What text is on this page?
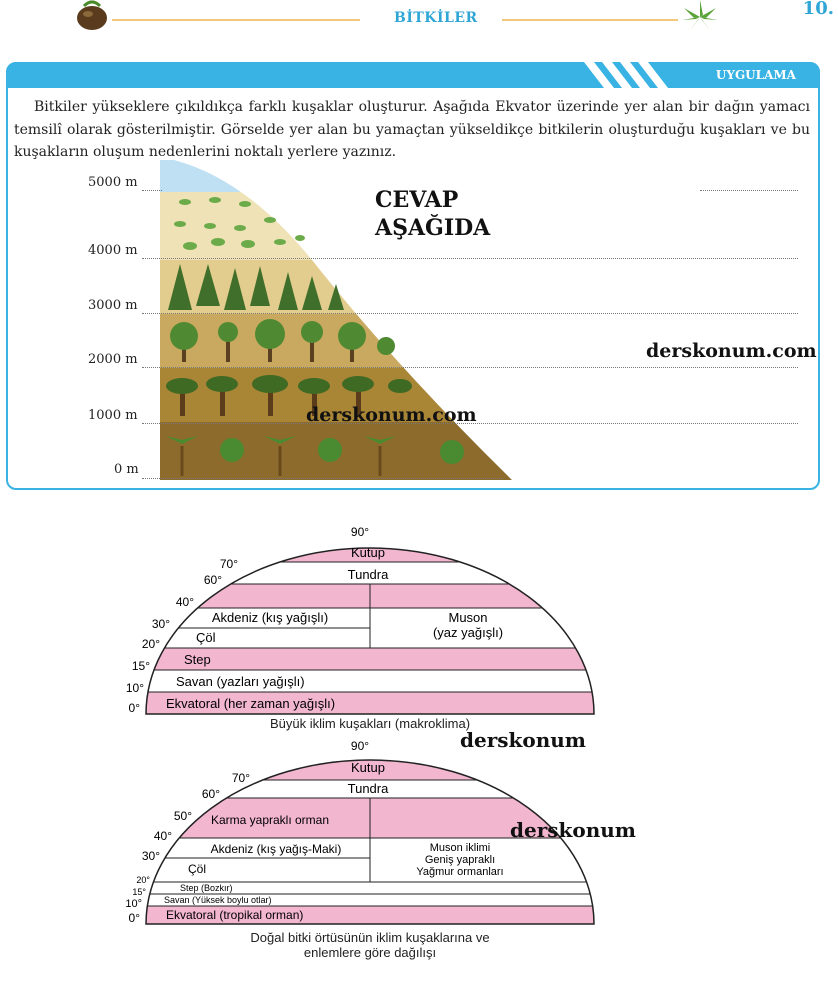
BİTKİLER	10.
UYGULAMA
Bitkiler yükseklere çıkıldıkça farklı kuşaklar oluşturur. Aşağıda Ekvator üzerinde yer alan bir dağın yamacı temsilî olarak gösterilmiştir. Görselde yer alan bu yamaçtan yükseldikçe bitkilerin oluşturduğu kuşakları ve bu kuşakların oluşum nedenlerini noktalı yerlere yazınız.
5000 m
4000 m
3000 m
2000 m
1000 m
0 m
CEVAP
AŞAĞIDA
derskonum.com
derskonum.com
90°
70°
60°
40°
30°
20°
15°
10°
0°
Kutup
Tundra
Akdeniz (kış yağışlı)
Çöl
Muson
(yaz yağışlı)
Step
Savan (yazları yağışlı)
Ekvatoral (her zaman yağışlı)
Büyük iklim kuşakları (makroklima)
derskonum
90°
70°
60°
50°
40°
30°
20°
15°
10°
0°
Kutup
Tundra
Karma yapraklı orman
Akdeniz (kış yağış-Maki)
Çöl
Muson iklimi
Geniş yapraklı
Yağmur ormanları
Step (Bozkır)
Savan (Yüksek boylu otlar)
Ekvatoral (tropikal orman)
derskonum
Doğal bitki örtüsünün iklim kuşaklarına ve
enlemlere göre dağılışı
